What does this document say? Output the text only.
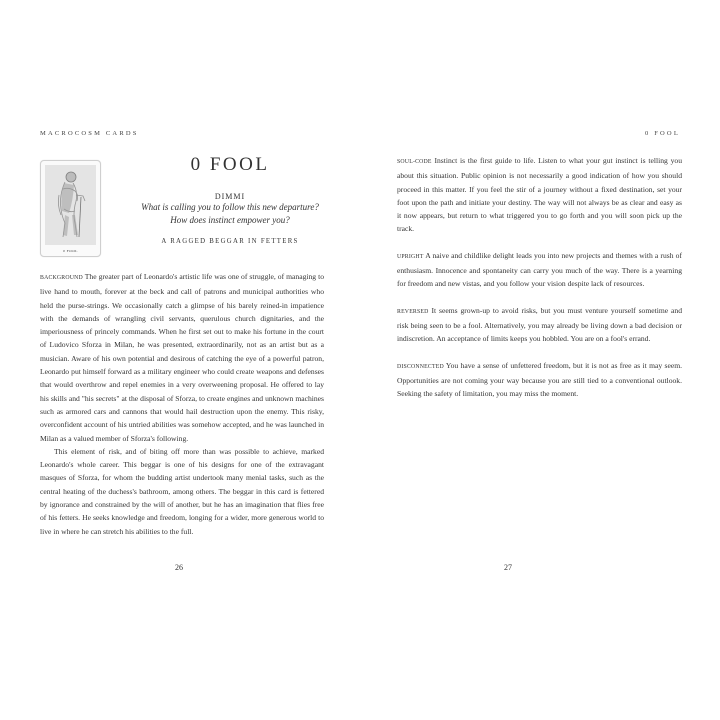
MACROCOSM CARDS
0 FOOL
0 FOOL
DIMMI
What is calling you to follow this new departure?
How does instinct empower you?
A RAGGED BEGGAR IN FETTERS

BACKGROUND The greater part of Leonardo's artistic life was one of struggle, of managing to live hand to mouth, forever at the beck and call of patrons and municipal authorities who held the purse-strings. We occasionally catch a glimpse of his barely reined-in impatience with the demands of wrangling civil servants, querulous church dignitaries, and the imperiousness of princely commands. When he first set out to make his fortune in the court of Ludovico Sforza in Milan, he was presented, extraordinarily, not as an artist but as a musician. Aware of his own potential and desirous of catching the eye of a powerful patron, Leonardo put himself forward as a military engineer who could create weapons and defenses that would overthrow and repel enemies in a very overweening proposal. He offered to lay his skills and "his secrets" at the disposal of Sforza, to create engines and unknown machines such as armored cars and cannons that would hail destruction upon the enemy. This risky, overconfident account of his untried abilities was somehow accepted, and he was launched in Milan as a valued member of Sforza's following.

This element of risk, and of biting off more than was possible to achieve, marked Leonardo's whole career. This beggar is one of his designs for one of the extravagant masques of Sforza, for whom the budding artist undertook many menial tasks, such as the central heating of the duchess's bathroom, among others. The beggar in this card is fettered by ignorance and constrained by the will of another, but he has an imagination that flies free of his fetters. He seeks knowledge and freedom, longing for a wider, more generous world to live in where he can stretch his abilities to the full.

26
0 FOOL

SOUL-CODE Instinct is the first guide to life. Listen to what your gut instinct is telling you about this situation. Public opinion is not necessarily a good indication of how you should proceed in this matter. If you feel the stir of a journey without a fixed destination, set your foot upon the path and initiate your destiny. The way will not always be as clear and easy as it now appears, but return to what triggered you to go forth and you will soon pick up the track.

UPRIGHT A naive and childlike delight leads you into new projects and themes with a rush of enthusiasm. Innocence and spontaneity can carry you much of the way. There is a yearning for freedom and new vistas, and you follow your vision despite lack of resources.

REVERSED It seems grown-up to avoid risks, but you must venture yourself sometime and risk being seen to be a fool. Alternatively, you may already be living down a bad decision or indiscretion. An acceptance of limits keeps you hobbled. You are on a fool's errand.

DISCONNECTED You have a sense of unfettered freedom, but it is not as free as it may seem. Opportunities are not coming your way because you are still tied to a conventional outlook. Seeking the safety of limitation, you may miss the moment.

27
